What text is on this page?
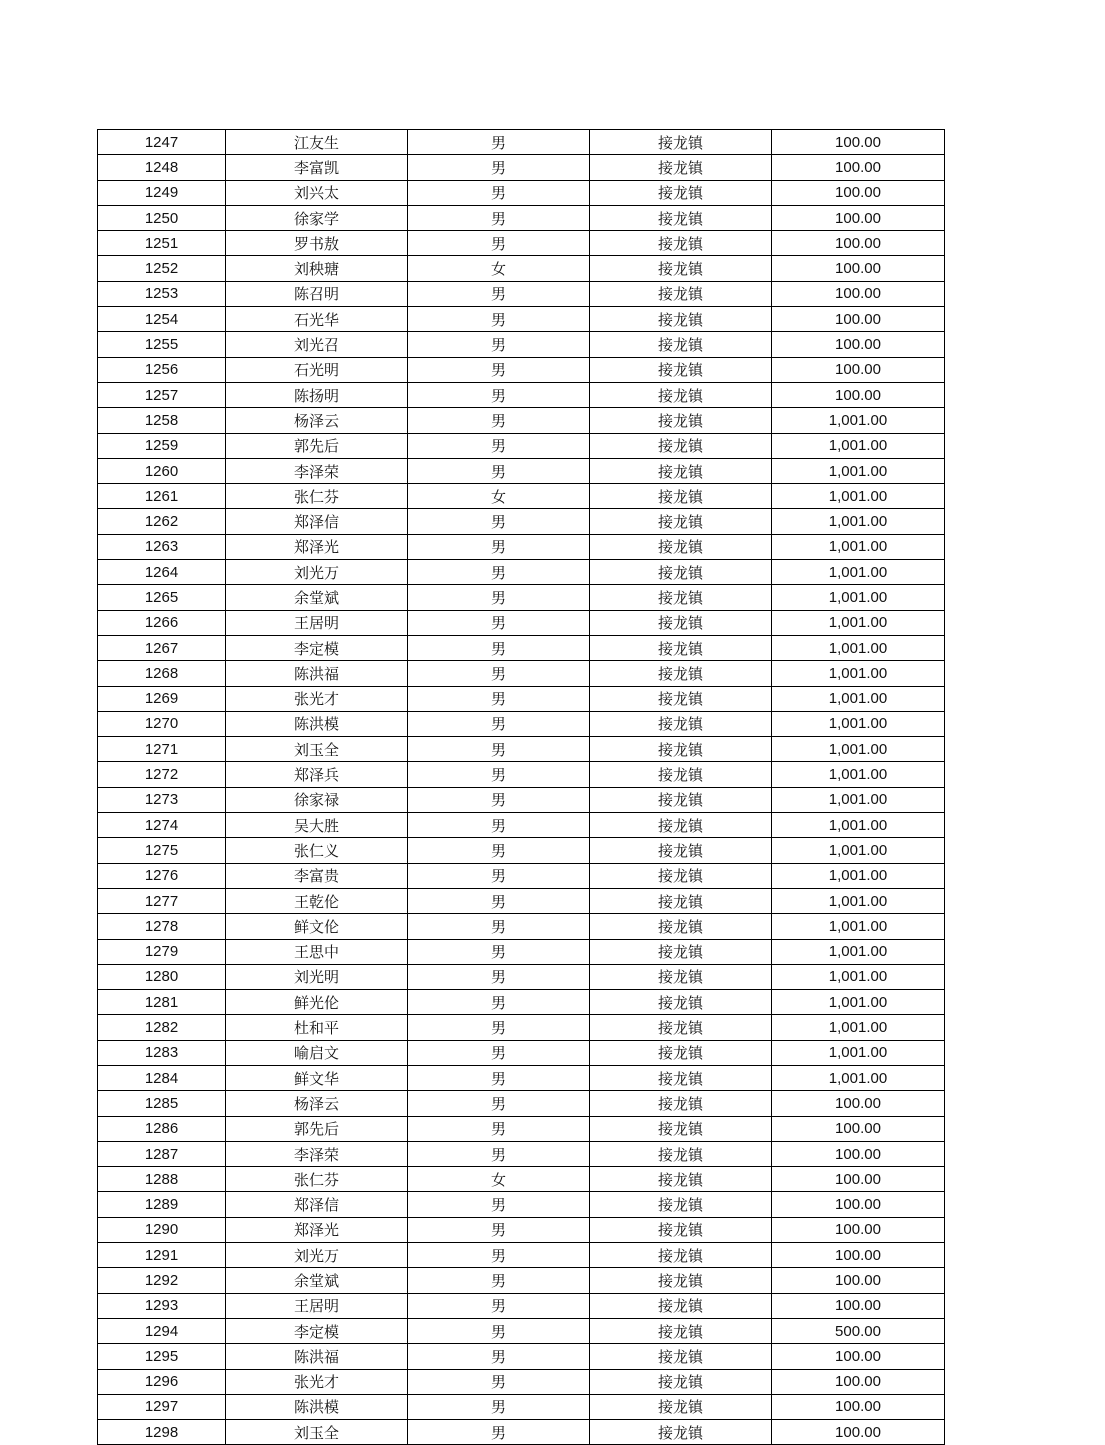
1247	江友生	男	接龙镇	100.00
1248	李富凯	男	接龙镇	100.00
1249	刘兴太	男	接龙镇	100.00
1250	徐家学	男	接龙镇	100.00
1251	罗书敖	男	接龙镇	100.00
1252	刘秧瑭	女	接龙镇	100.00
1253	陈召明	男	接龙镇	100.00
1254	石光华	男	接龙镇	100.00
1255	刘光召	男	接龙镇	100.00
1256	石光明	男	接龙镇	100.00
1257	陈扬明	男	接龙镇	100.00
1258	杨泽云	男	接龙镇	1,001.00
1259	郭先后	男	接龙镇	1,001.00
1260	李泽荣	男	接龙镇	1,001.00
1261	张仁芬	女	接龙镇	1,001.00
1262	郑泽信	男	接龙镇	1,001.00
1263	郑泽光	男	接龙镇	1,001.00
1264	刘光万	男	接龙镇	1,001.00
1265	余堂斌	男	接龙镇	1,001.00
1266	王居明	男	接龙镇	1,001.00
1267	李定模	男	接龙镇	1,001.00
1268	陈洪福	男	接龙镇	1,001.00
1269	张光才	男	接龙镇	1,001.00
1270	陈洪模	男	接龙镇	1,001.00
1271	刘玉全	男	接龙镇	1,001.00
1272	郑泽兵	男	接龙镇	1,001.00
1273	徐家禄	男	接龙镇	1,001.00
1274	吴大胜	男	接龙镇	1,001.00
1275	张仁义	男	接龙镇	1,001.00
1276	李富贵	男	接龙镇	1,001.00
1277	王乾伦	男	接龙镇	1,001.00
1278	鲜文伦	男	接龙镇	1,001.00
1279	王思中	男	接龙镇	1,001.00
1280	刘光明	男	接龙镇	1,001.00
1281	鲜光伦	男	接龙镇	1,001.00
1282	杜和平	男	接龙镇	1,001.00
1283	喻启文	男	接龙镇	1,001.00
1284	鲜文华	男	接龙镇	1,001.00
1285	杨泽云	男	接龙镇	100.00
1286	郭先后	男	接龙镇	100.00
1287	李泽荣	男	接龙镇	100.00
1288	张仁芬	女	接龙镇	100.00
1289	郑泽信	男	接龙镇	100.00
1290	郑泽光	男	接龙镇	100.00
1291	刘光万	男	接龙镇	100.00
1292	余堂斌	男	接龙镇	100.00
1293	王居明	男	接龙镇	100.00
1294	李定模	男	接龙镇	500.00
1295	陈洪福	男	接龙镇	100.00
1296	张光才	男	接龙镇	100.00
1297	陈洪模	男	接龙镇	100.00
1298	刘玉全	男	接龙镇	100.00
